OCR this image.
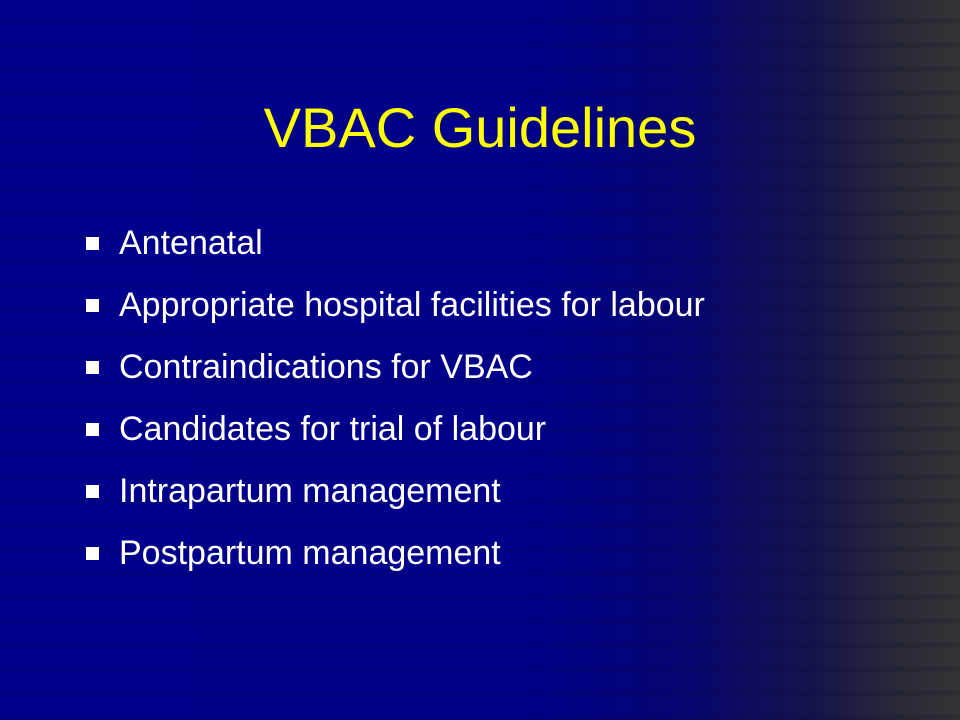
VBAC Guidelines
Antenatal
Appropriate hospital facilities for labour
Contraindications for VBAC
Candidates for trial of labour
Intrapartum management
Postpartum management
